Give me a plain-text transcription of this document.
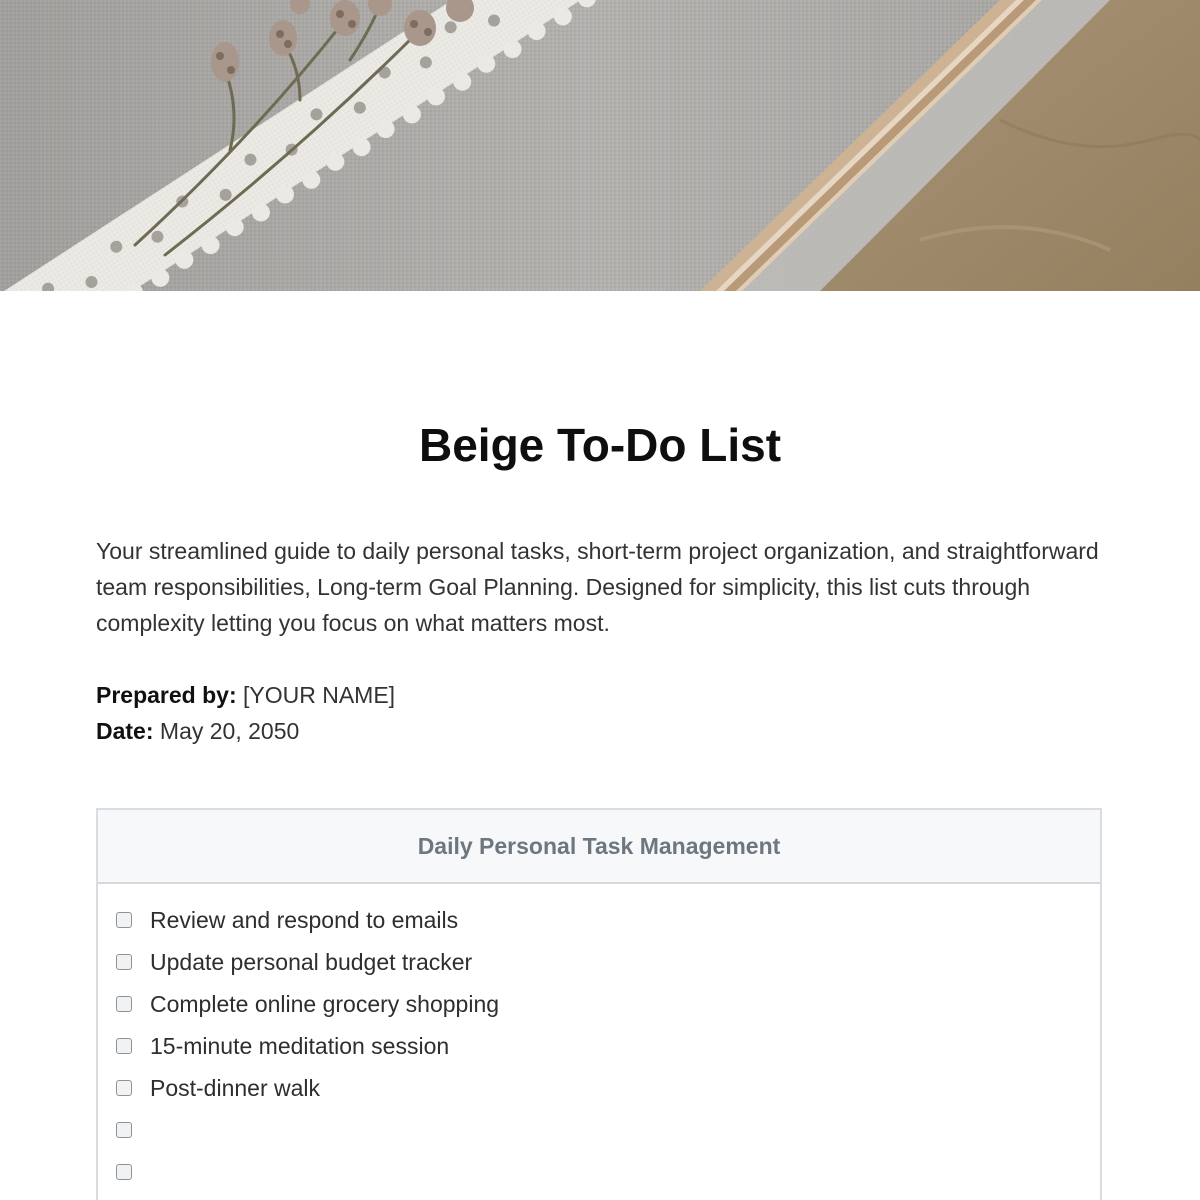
Beige To-Do List

Your streamlined guide to daily personal tasks, short-term project organization, and straightforward team responsibilities, Long-term Goal Planning. Designed for simplicity, this list cuts through complexity letting you focus on what matters most.

Prepared by: [YOUR NAME]

Date: May 20, 2050

Daily Personal Task Management
Review and respond to emails
Update personal budget tracker
Complete online grocery shopping
15-minute meditation session
Post-dinner walk
